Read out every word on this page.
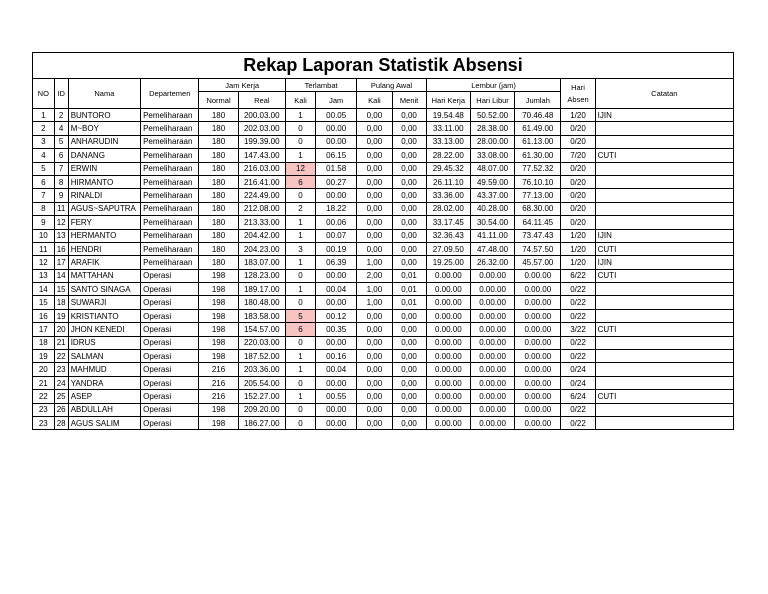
Rekap Laporan Statistik Absensi
NO	ID	Nama	Departemen	Jam Kerja		Terlambat		Pulang Awal		Lembur (jam)			Hari Absen	Catatan
				Normal	Real	Kali	Jam	Kali	Menit	Hari Kerja	Hari Libur	Jumlah		
1	2	BUNTORO	Pemeliharaan	180	200.03.00	1	00.05	0,00	0,00	19.54.48	50.52.00	70.46.48	1/20	IJIN
2	4	M~BOY	Pemeliharaan	180	202.03.00	0	00.00	0,00	0,00	33.11.00	28.38.00	61.49.00	0/20	
3	5	ANHARUDIN	Pemeliharaan	180	199.39.00	0	00.00	0,00	0,00	33.13.00	28.00.00	61.13.00	0/20	
4	6	DANANG	Pemeliharaan	180	147.43.00	1	06.15	0,00	0,00	28.22.00	33.08.00	61.30.00	7/20	CUTI
5	7	ERWIN	Pemeliharaan	180	216.03.00	12	01.58	0,00	0,00	29.45.32	48.07.00	77.52.32	0/20	
6	8	HIRMANTO	Pemeliharaan	180	216.41.00	6	00.27	0,00	0,00	26.11.10	49.59.00	76.10.10	0/20	
7	9	RINALDI	Pemeliharaan	180	224.49.00	0	00.00	0,00	0,00	33.36.00	43.37.00	77.13.00	0/20	
8	11	AGUS~SAPUTRA	Pemeliharaan	180	212.08.00	2	18.22	0,00	0,00	28.02.00	40.28.00	68.30.00	0/20	
9	12	FERY	Pemeliharaan	180	213.33.00	1	00.06	0,00	0,00	33.17.45	30.54.00	64.11.45	0/20	
10	13	HERMANTO	Pemeliharaan	180	204.42.00	1	00.07	0,00	0,00	32.36.43	41.11.00	73.47.43	1/20	IJIN
11	16	HENDRI	Pemeliharaan	180	204.23.00	3	00.19	0,00	0,00	27.09.50	47.48.00	74.57.50	1/20	CUTI
12	17	ARAFIK	Pemeliharaan	180	183.07.00	1	06.39	1,00	0,00	19.25.00	26.32.00	45.57.00	1/20	IJIN
13	14	MATTAHAN	Operasi	198	128.23.00	0	00.00	2,00	0,01	0.00.00	0.00.00	0.00.00	6/22	CUTI
14	15	SANTO SINAGA	Operasi	198	189.17.00	1	00.04	1,00	0,01	0.00.00	0.00.00	0.00.00	0/22	
15	18	SUWARJI	Operasi	198	180.48.00	0	00.00	1,00	0,01	0.00.00	0.00.00	0.00.00	0/22	
16	19	KRISTIANTO	Operasi	198	183.58.00	5	00.12	0,00	0,00	0.00.00	0.00.00	0.00.00	0/22	
17	20	JHON KENEDI	Operasi	198	154.57.00	6	00.35	0,00	0,00	0.00.00	0.00.00	0.00.00	3/22	CUTI
18	21	IDRUS	Operasi	198	220.03.00	0	00.00	0,00	0,00	0.00.00	0.00.00	0.00.00	0/22	
19	22	SALMAN	Operasi	198	187.52.00	1	00.16	0,00	0,00	0.00.00	0.00.00	0.00.00	0/22	
20	23	MAHMUD	Operasi	216	203.36.00	1	00.04	0,00	0,00	0.00.00	0.00.00	0.00.00	0/24	
21	24	YANDRA	Operasi	216	205.54.00	0	00.00	0,00	0,00	0.00.00	0.00.00	0.00.00	0/24	
22	25	ASEP	Operasi	216	152.27.00	1	00.55	0,00	0,00	0.00.00	0.00.00	0.00.00	6/24	CUTI
23	26	ABDULLAH	Operasi	198	209.20.00	0	00.00	0,00	0,00	0.00.00	0.00.00	0.00.00	0/22	
23	28	AGUS SALIM	Operasi	198	186.27.00	0	00.00	0,00	0,00	0.00.00	0.00.00	0.00.00	0/22	
